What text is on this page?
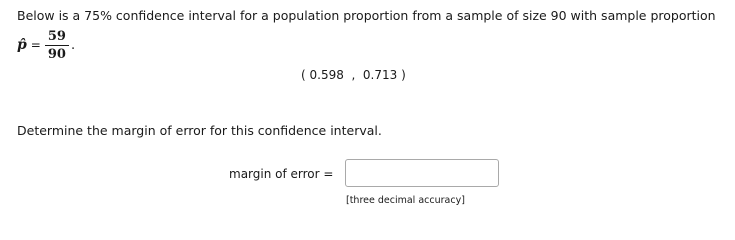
Below is a 75% confidence interval for a population proportion from a sample of size 90 with sample proportion
p̂ = $\frac{59}{90}$ .
( 0.598  ,  0.713 )
Determine the margin of error for this confidence interval.
margin of error =
[three decimal accuracy]
